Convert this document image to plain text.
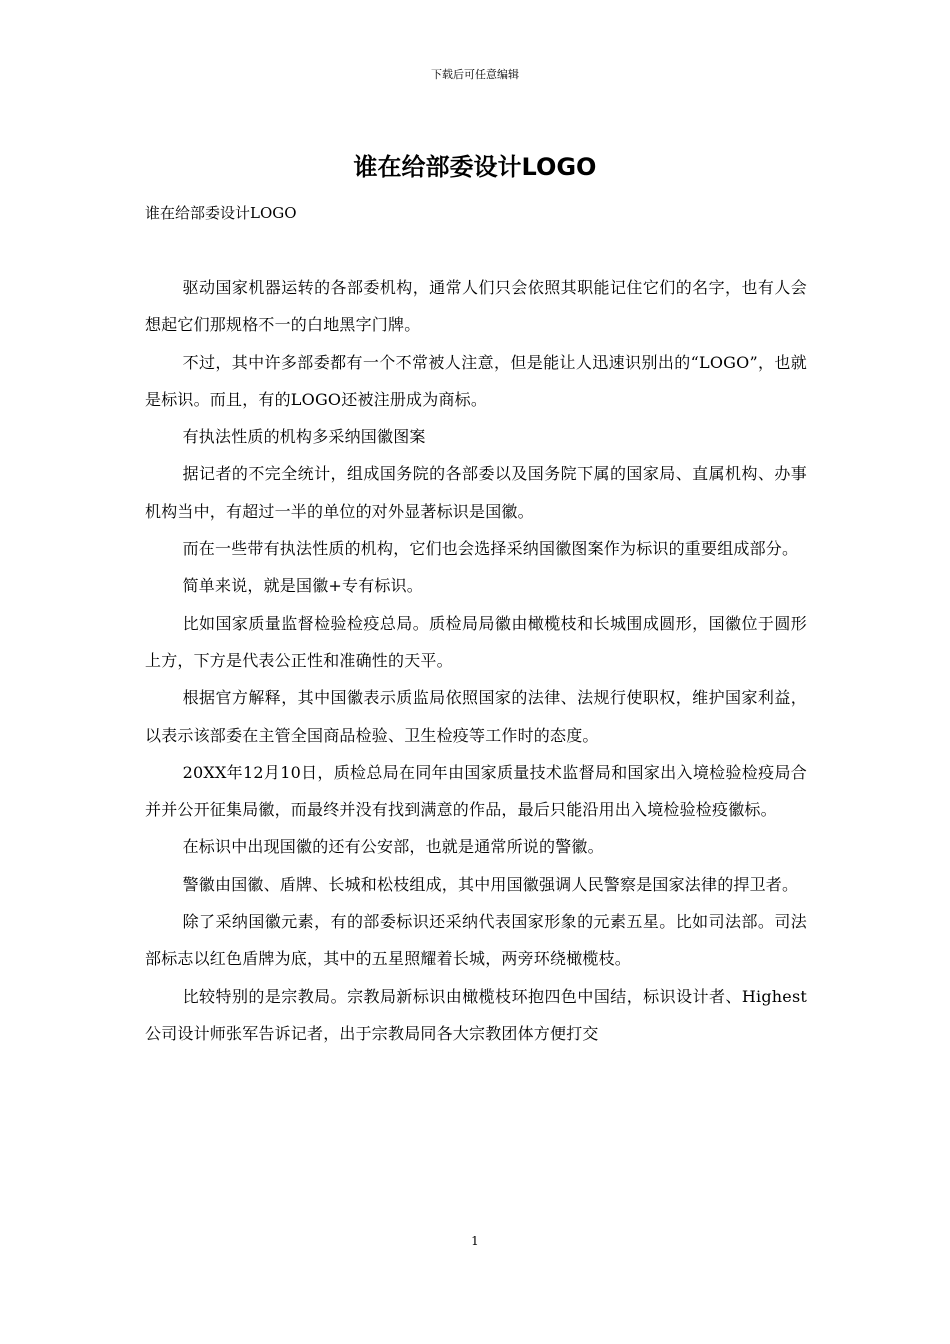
下载后可任意编辑
谁在给部委设计LOGO
谁在给部委设计LOGO

驱动国家机器运转的各部委机构，通常人们只会依照其职能记住它们的名字，也有人会想起它们那规格不一的白地黑字门牌。

不过，其中许多部委都有一个不常被人注意，但是能让人迅速识别出的“LOGO”，也就是标识。而且，有的LOGO还被注册成为商标。

有执法性质的机构多采纳国徽图案

据记者的不完全统计，组成国务院的各部委以及国务院下属的国家局、直属机构、办事机构当中，有超过一半的单位的对外显著标识是国徽。

而在一些带有执法性质的机构，它们也会选择采纳国徽图案作为标识的重要组成部分。

简单来说，就是国徽+专有标识。

比如国家质量监督检验检疫总局。质检局局徽由橄榄枝和长城围成圆形，国徽位于圆形上方，下方是代表公正性和准确性的天平。

根据官方解释，其中国徽表示质监局依照国家的法律、法规行使职权，维护国家利益，以表示该部委在主管全国商品检验、卫生检疫等工作时的态度。

20XX年12月10日，质检总局在同年由国家质量技术监督局和国家出入境检验检疫局合并并公开征集局徽，而最终并没有找到满意的作品，最后只能沿用出入境检验检疫徽标。

在标识中出现国徽的还有公安部，也就是通常所说的警徽。

警徽由国徽、盾牌、长城和松枝组成，其中用国徽强调人民警察是国家法律的捍卫者。

除了采纳国徽元素，有的部委标识还采纳代表国家形象的元素五星。比如司法部。司法部标志以红色盾牌为底，其中的五星照耀着长城，两旁环绕橄榄枝。

比较特别的是宗教局。宗教局新标识由橄榄枝环抱四色中国结，标识设计者、Highest公司设计师张军告诉记者，出于宗教局同各大宗教团体方便打交

1
